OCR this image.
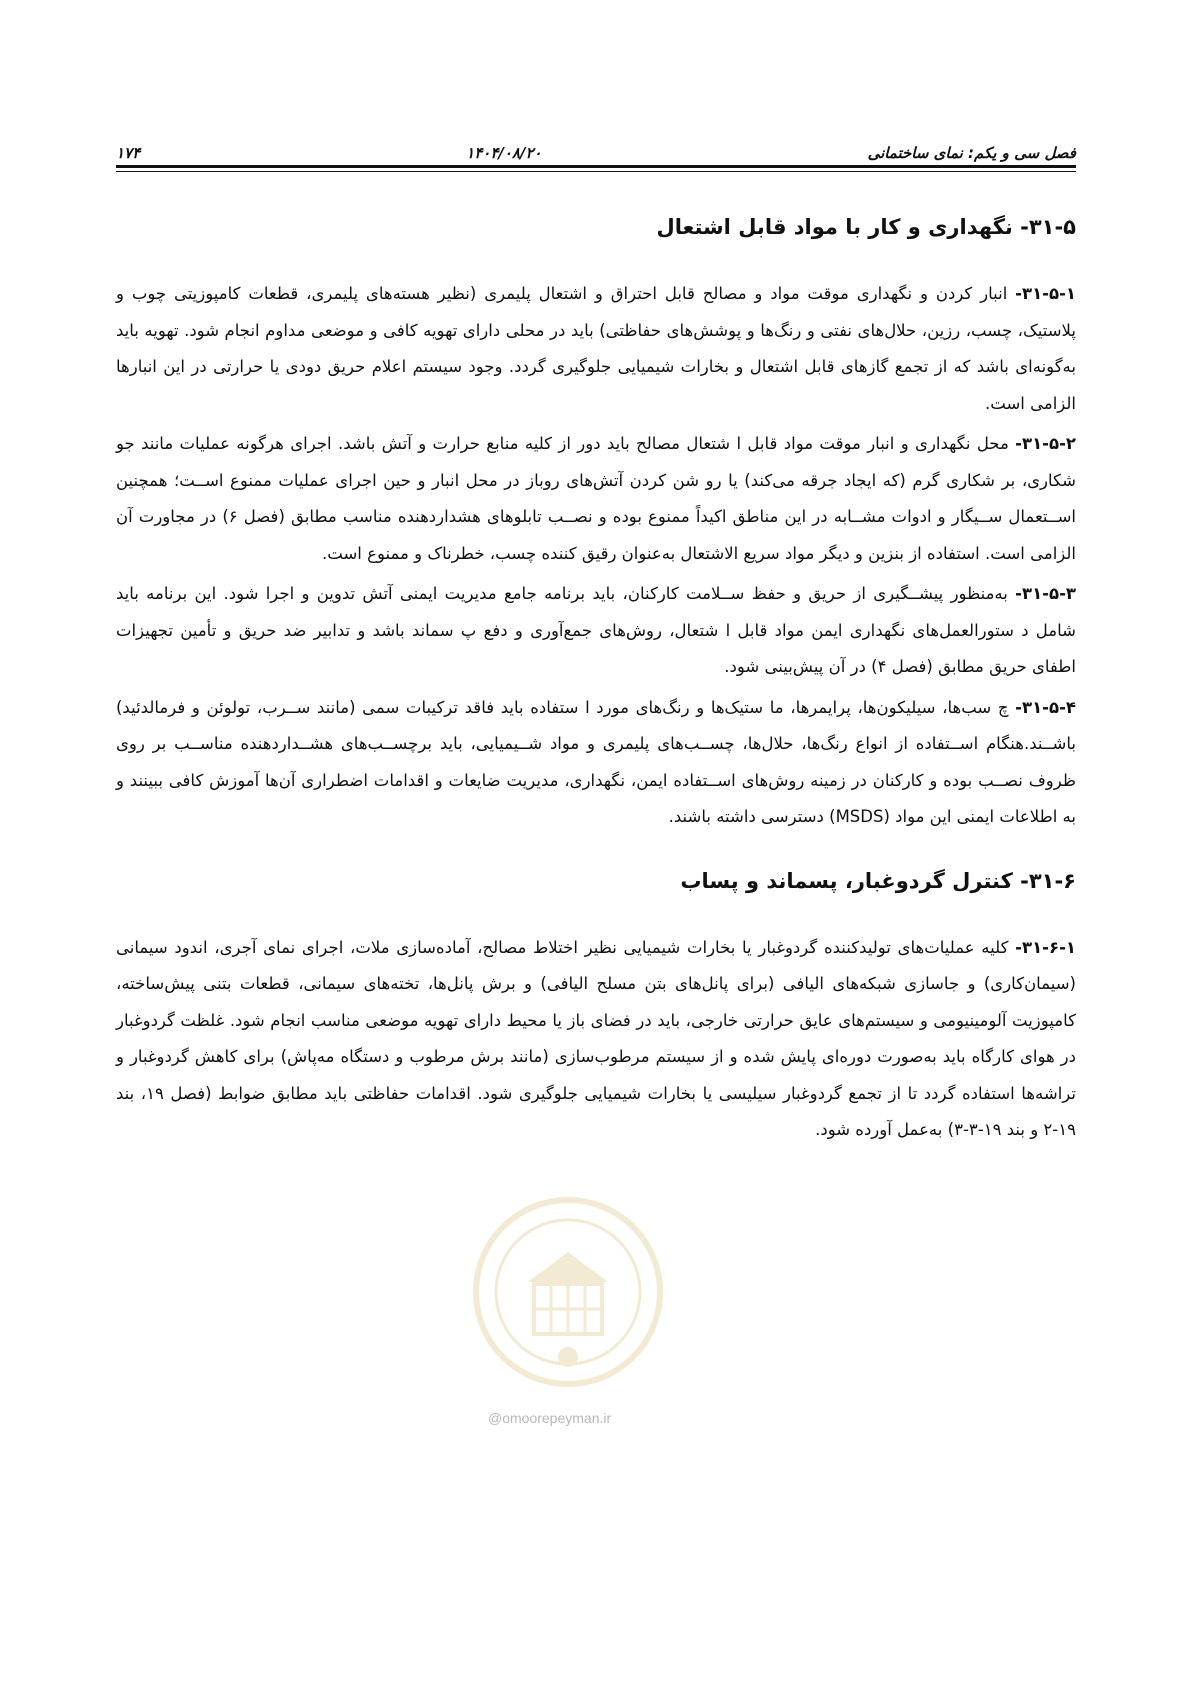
۱۷۴	۱۴۰۴/۰۸/۲۰	فصل سی و یکم: نمای ساختمانی
۳۱-۵- نگهداری و کار با مواد قابل اشتعال

۳۱-۵-۱- انبار کردن و نگهداری موقت مواد و مصالح قابل احتراق و اشتعال پلیمری (نظیر هسته‌های پلیمری، قطعات کامپوزیتی چوب و پلاستیک، چسب، رزین، حلال‌های نفتی و رنگ‌ها و پوشش‌های حفاظتی) باید در محلی دارای تهویه کافی و موضعی مداوم انجام شود. تهویه باید به‌گونه‌ای باشد که از تجمع گازهای قابل اشتعال و بخارات شیمیایی جلوگیری گردد. وجود سیستم اعلام حریق دودی یا حرارتی در این انبارها الزامی است.

۳۱-۵-۲- محل نگهداری و انبار موقت مواد قابل ا شتعال مصالح باید دور از کلیه منابع حرارت و آتش باشد. اجرای هرگونه عملیات مانند جو شکاری، بر شکاری گرم (که ایجاد جرقه می‌کند) یا رو شن کردن آتش‌های روباز در محل انبار و حین اجرای عملیات ممنوع اســت؛ همچنین اســتعمال ســیگار و ادوات مشــابه در این مناطق اکیداً ممنوع بوده و نصــب تابلوهای هشداردهنده مناسب مطابق (فصل ۶) در مجاورت آن الزامی است. استفاده از بنزین و دیگر مواد سریع الاشتعال به‌عنوان رقیق کننده چسب، خطرناک و ممنوع است.

۳۱-۵-۳- به‌منظور پیشــگیری از حریق و حفظ ســلامت کارکنان، باید برنامه جامع مدیریت ایمنی آتش تدوین و اجرا شود. این برنامه باید شامل د ستورالعمل‌های نگهداری ایمن مواد قابل ا شتعال، روش‌های جمع‌آوری و دفع پ سماند باشد و تدابیر ضد حریق و تأمین تجهیزات اطفای حریق مطابق (فصل ۴) در آن پیش‌بینی شود.

۳۱-۵-۴- چ سب‌ها، سیلیکون‌ها، پرایمرها، ما ستیک‌ها و رنگ‌های مورد ا ستفاده باید فاقد ترکیبات سمی (مانند ســرب، تولوئن و فرمالدئید) باشــند.هنگام اســتفاده از انواع رنگ‌ها، حلال‌ها، چســب‌های پلیمری و مواد شــیمیایی، باید برچســب‌های هشــداردهنده مناســب بر روی ظروف نصــب بوده و کارکنان در زمینه روش‌های اســتفاده ایمن، نگهداری، مدیریت ضایعات و اقدامات اضطراری آن‌ها آموزش کافی ببینند و به اطلاعات ایمنی این مواد (MSDS) دسترسی داشته باشند.

۳۱-۶- کنترل گردوغبار، پسماند و پساب

۳۱-۶-۱- کلیه عملیات‌های تولیدکننده گردوغبار یا بخارات شیمیایی نظیر اختلاط مصالح، آماده‌سازی ملات، اجرای نمای آجری، اندود سیمانی (سیمان‌کاری) و جاسازی شبکه‌های الیافی (برای پانل‌های بتن مسلح الیافی) و برش پانل‌ها، تخته‌های سیمانی، قطعات بتنی پیش‌ساخته، کامپوزیت آلومینیومی و سیستم‌های عایق حرارتی خارجی، باید در فضای باز یا محیط دارای تهویه موضعی مناسب انجام شود. غلظت گردوغبار در هوای کارگاه باید به‌صورت دوره‌ای پایش شده و از سیستم مرطوب‌سازی (مانند برش مرطوب و دستگاه مه‌پاش) برای کاهش گردوغبار و تراشه‌ها استفاده گردد تا از تجمع گردوغبار سیلیسی یا بخارات شیمیایی جلوگیری شود. اقدامات حفاظتی باید مطابق ضوابط (فصل ۱۹، بند ۱۹-۲ و بند ۱۹-۳-۳) به‌عمل آورده شود.

@omoorepeyman.ir
